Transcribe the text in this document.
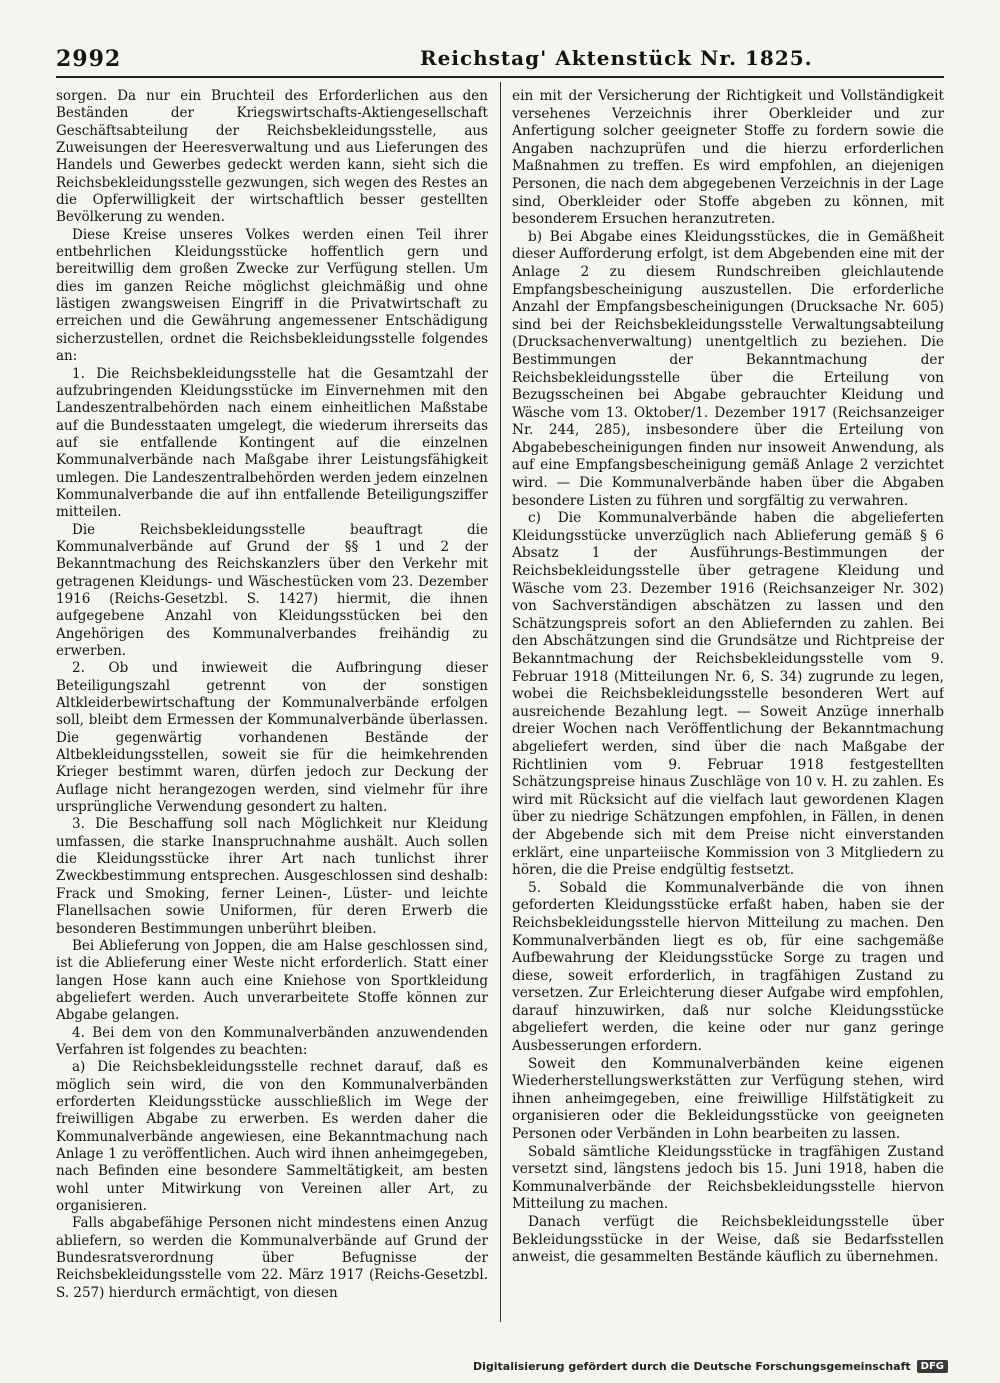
2992	Reichstag' Aktenstück Nr. 1825.

sorgen. Da nur ein Bruchteil des Erforderlichen aus den Beständen der Kriegswirtschafts-Aktiengesellschaft Geschäftsabteilung der Reichsbekleidungsstelle, aus Zuweisungen der Heeresverwaltung und aus Lieferungen des Handels und Gewerbes gedeckt werden kann, sieht sich die Reichsbekleidungsstelle gezwungen, sich wegen des Restes an die Opferwilligkeit der wirtschaftlich besser gestellten Bevölkerung zu wenden.

Diese Kreise unseres Volkes werden einen Teil ihrer entbehrlichen Kleidungsstücke hoffentlich gern und bereitwillig dem großen Zwecke zur Verfügung stellen. Um dies im ganzen Reiche möglichst gleichmäßig und ohne lästigen zwangsweisen Eingriff in die Privatwirtschaft zu erreichen und die Gewährung angemessener Entschädigung sicherzustellen, ordnet die Reichsbekleidungsstelle folgendes an:

1. Die Reichsbekleidungsstelle hat die Gesamtzahl der aufzubringenden Kleidungsstücke im Einvernehmen mit den Landeszentralbehörden nach einem einheitlichen Maßstabe auf die Bundesstaaten umgelegt, die wiederum ihrerseits das auf sie entfallende Kontingent auf die einzelnen Kommunalverbände nach Maßgabe ihrer Leistungsfähigkeit umlegen. Die Landeszentralbehörden werden jedem einzelnen Kommunalverbande die auf ihn entfallende Beteiligungsziffer mitteilen.

Die Reichsbekleidungsstelle beauftragt die Kommunalverbände auf Grund der §§ 1 und 2 der Bekanntmachung des Reichskanzlers über den Verkehr mit getragenen Kleidungs- und Wäschestücken vom 23. Dezember 1916 (Reichs-Gesetzbl. S. 1427) hiermit, die ihnen aufgegebene Anzahl von Kleidungsstücken bei den Angehörigen des Kommunalverbandes freihändig zu erwerben.

2. Ob und inwieweit die Aufbringung dieser Beteiligungszahl getrennt von der sonstigen Altkleiderbewirtschaftung der Kommunalverbände erfolgen soll, bleibt dem Ermessen der Kommunalverbände überlassen. Die gegenwärtig vorhandenen Bestände der Altbekleidungsstellen, soweit sie für die heimkehrenden Krieger bestimmt waren, dürfen jedoch zur Deckung der Auflage nicht herangezogen werden, sind vielmehr für ihre ursprüngliche Verwendung gesondert zu halten.

3. Die Beschaffung soll nach Möglichkeit nur Kleidung umfassen, die starke Inanspruchnahme aushält. Auch sollen die Kleidungsstücke ihrer Art nach tunlichst ihrer Zweckbestimmung entsprechen. Ausgeschlossen sind deshalb: Frack und Smoking, ferner Leinen-, Lüster- und leichte Flanellsachen sowie Uniformen, für deren Erwerb die besonderen Bestimmungen unberührt bleiben.

Bei Ablieferung von Joppen, die am Halse geschlossen sind, ist die Ablieferung einer Weste nicht erforderlich. Statt einer langen Hose kann auch eine Kniehose von Sportkleidung abgeliefert werden. Auch unverarbeitete Stoffe können zur Abgabe gelangen.

4. Bei dem von den Kommunalverbänden anzuwendenden Verfahren ist folgendes zu beachten:

a) Die Reichsbekleidungsstelle rechnet darauf, daß es möglich sein wird, die von den Kommunalverbänden erforderten Kleidungsstücke ausschließlich im Wege der freiwilligen Abgabe zu erwerben. Es werden daher die Kommunalverbände angewiesen, eine Bekanntmachung nach Anlage 1 zu veröffentlichen. Auch wird ihnen anheimgegeben, nach Befinden eine besondere Sammeltätigkeit, am besten wohl unter Mitwirkung von Vereinen aller Art, zu organisieren.

Falls abgabefähige Personen nicht mindestens einen Anzug abliefern, so werden die Kommunalverbände auf Grund der Bundesratsverordnung über Befugnisse der Reichsbekleidungsstelle vom 22. März 1917 (Reichs-Gesetzbl. S. 257) hierdurch ermächtigt, von diesen

ein mit der Versicherung der Richtigkeit und Vollständigkeit versehenes Verzeichnis ihrer Oberkleider und zur Anfertigung solcher geeigneter Stoffe zu fordern sowie die Angaben nachzuprüfen und die hierzu erforderlichen Maßnahmen zu treffen. Es wird empfohlen, an diejenigen Personen, die nach dem abgegebenen Verzeichnis in der Lage sind, Oberkleider oder Stoffe abgeben zu können, mit besonderem Ersuchen heranzutreten.

b) Bei Abgabe eines Kleidungsstückes, die in Gemäßheit dieser Aufforderung erfolgt, ist dem Abgebenden eine mit der Anlage 2 zu diesem Rundschreiben gleichlautende Empfangsbescheinigung auszustellen. Die erforderliche Anzahl der Empfangsbescheinigungen (Drucksache Nr. 605) sind bei der Reichsbekleidungsstelle Verwaltungsabteilung (Drucksachenverwaltung) unentgeltlich zu beziehen. Die Bestimmungen der Bekanntmachung der Reichsbekleidungsstelle über die Erteilung von Bezugsscheinen bei Abgabe gebrauchter Kleidung und Wäsche vom 13. Oktober/1. Dezember 1917 (Reichsanzeiger Nr. 244, 285), insbesondere über die Erteilung von Abgabebescheinigungen finden nur insoweit Anwendung, als auf eine Empfangsbescheinigung gemäß Anlage 2 verzichtet wird. — Die Kommunalverbände haben über die Abgaben besondere Listen zu führen und sorgfältig zu verwahren.

c) Die Kommunalverbände haben die abgelieferten Kleidungsstücke unverzüglich nach Ablieferung gemäß § 6 Absatz 1 der Ausführungs-Bestimmungen der Reichsbekleidungsstelle über getragene Kleidung und Wäsche vom 23. Dezember 1916 (Reichsanzeiger Nr. 302) von Sachverständigen abschätzen zu lassen und den Schätzungspreis sofort an den Abliefernden zu zahlen. Bei den Abschätzungen sind die Grundsätze und Richtpreise der Bekanntmachung der Reichsbekleidungsstelle vom 9. Februar 1918 (Mitteilungen Nr. 6, S. 34) zugrunde zu legen, wobei die Reichsbekleidungsstelle besonderen Wert auf ausreichende Bezahlung legt. — Soweit Anzüge innerhalb dreier Wochen nach Veröffentlichung der Bekanntmachung abgeliefert werden, sind über die nach Maßgabe der Richtlinien vom 9. Februar 1918 festgestellten Schätzungspreise hinaus Zuschläge von 10 v. H. zu zahlen. Es wird mit Rücksicht auf die vielfach laut gewordenen Klagen über zu niedrige Schätzungen empfohlen, in Fällen, in denen der Abgebende sich mit dem Preise nicht einverstanden erklärt, eine unparteiische Kommission von 3 Mitgliedern zu hören, die die Preise endgültig festsetzt.

5. Sobald die Kommunalverbände die von ihnen geforderten Kleidungsstücke erfaßt haben, haben sie der Reichsbekleidungsstelle hiervon Mitteilung zu machen. Den Kommunalverbänden liegt es ob, für eine sachgemäße Aufbewahrung der Kleidungsstücke Sorge zu tragen und diese, soweit erforderlich, in tragfähigen Zustand zu versetzen. Zur Erleichterung dieser Aufgabe wird empfohlen, darauf hinzuwirken, daß nur solche Kleidungsstücke abgeliefert werden, die keine oder nur ganz geringe Ausbesserungen erfordern.

Soweit den Kommunalverbänden keine eigenen Wiederherstellungswerkstätten zur Verfügung stehen, wird ihnen anheimgegeben, eine freiwillige Hilfstätigkeit zu organisieren oder die Bekleidungsstücke von geeigneten Personen oder Verbänden in Lohn bearbeiten zu lassen.

Sobald sämtliche Kleidungsstücke in tragfähigen Zustand versetzt sind, längstens jedoch bis 15. Juni 1918, haben die Kommunalverbände der Reichsbekleidungsstelle hiervon Mitteilung zu machen.

Danach verfügt die Reichsbekleidungsstelle über Bekleidungsstücke in der Weise, daß sie Bedarfsstellen anweist, die gesammelten Bestände käuflich zu übernehmen.

Digitalisierung gefördert durch die Deutsche Forschungsgemeinschaft	DFG
